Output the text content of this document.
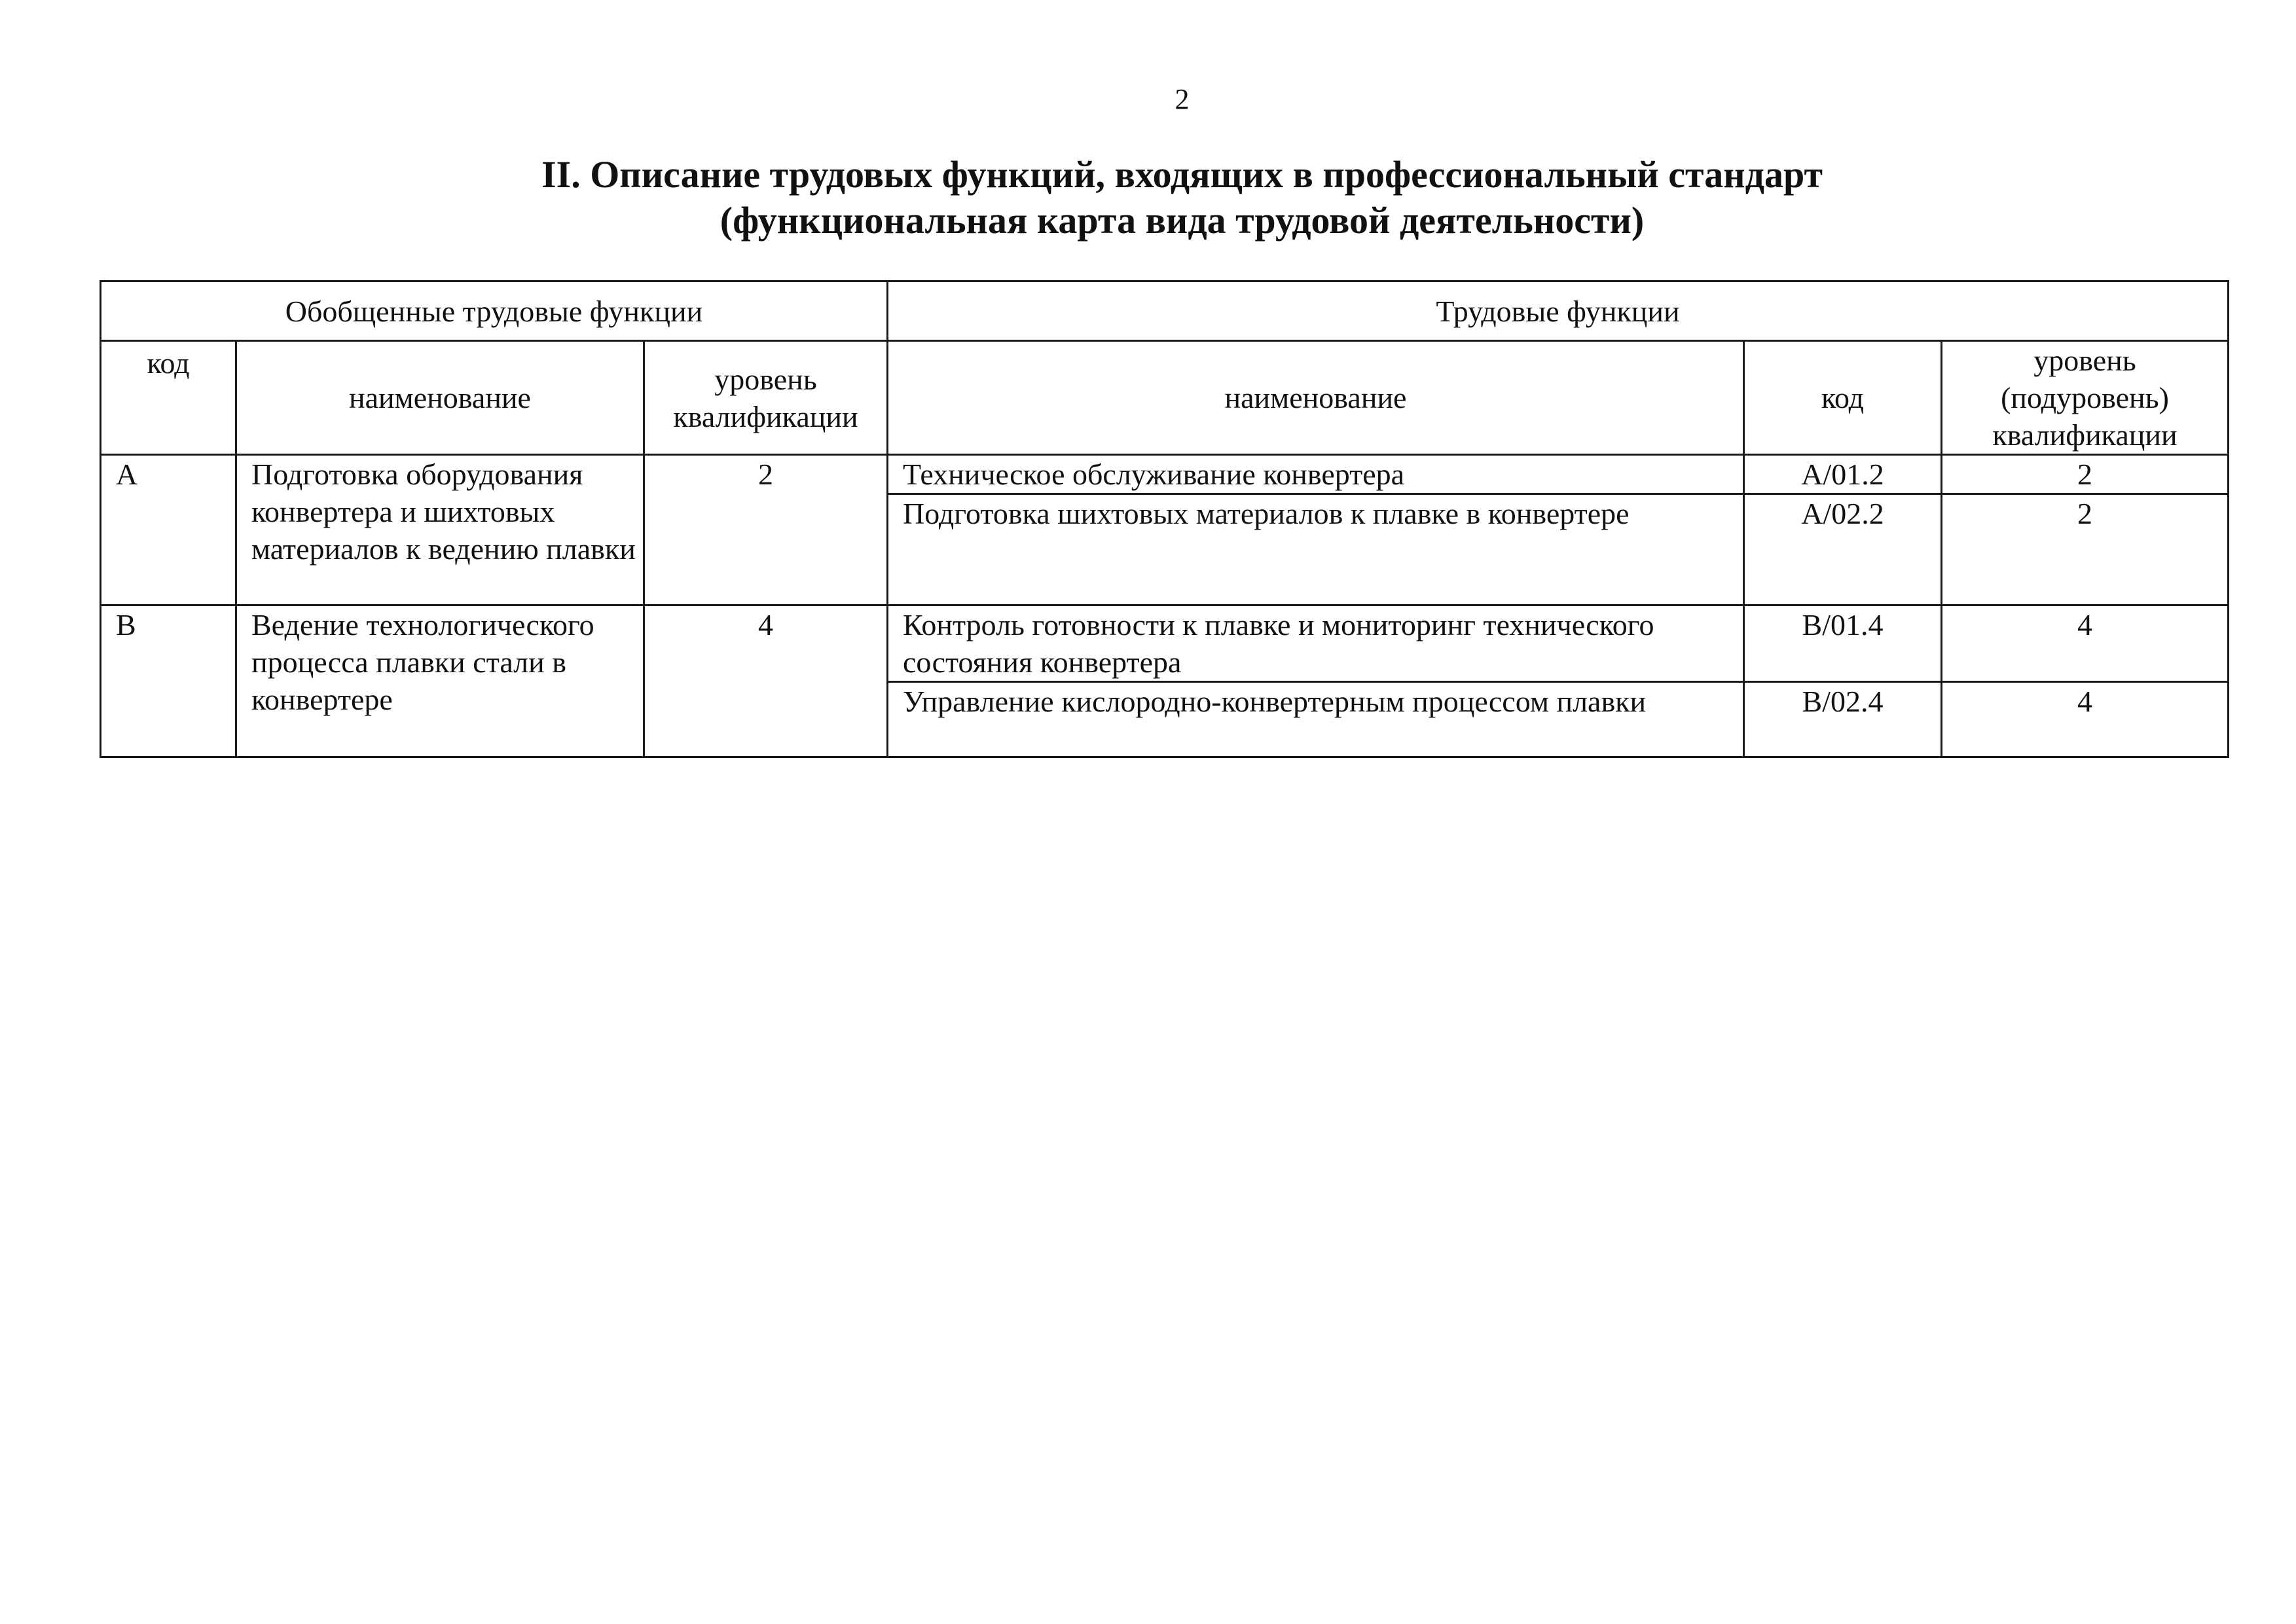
2
II. Описание трудовых функций, входящих в профессиональный стандарт
(функциональная карта вида трудовой деятельности)
Обобщенные трудовые функции			Трудовые функции		
код	наименование	уровень квалификации	наименование	код	уровень (подуровень) квалификации
A	Подготовка оборудования конвертера и шихтовых материалов к ведению плавки	2	Техническое обслуживание конвертера	A/01.2	2
			Подготовка шихтовых материалов к плавке в конвертере	A/02.2	2
B	Ведение технологического процесса плавки стали в конвертере	4	Контроль готовности к плавке и мониторинг технического состояния конвертера	B/01.4	4
			Управление кислородно-конвертерным процессом плавки	B/02.4	4
